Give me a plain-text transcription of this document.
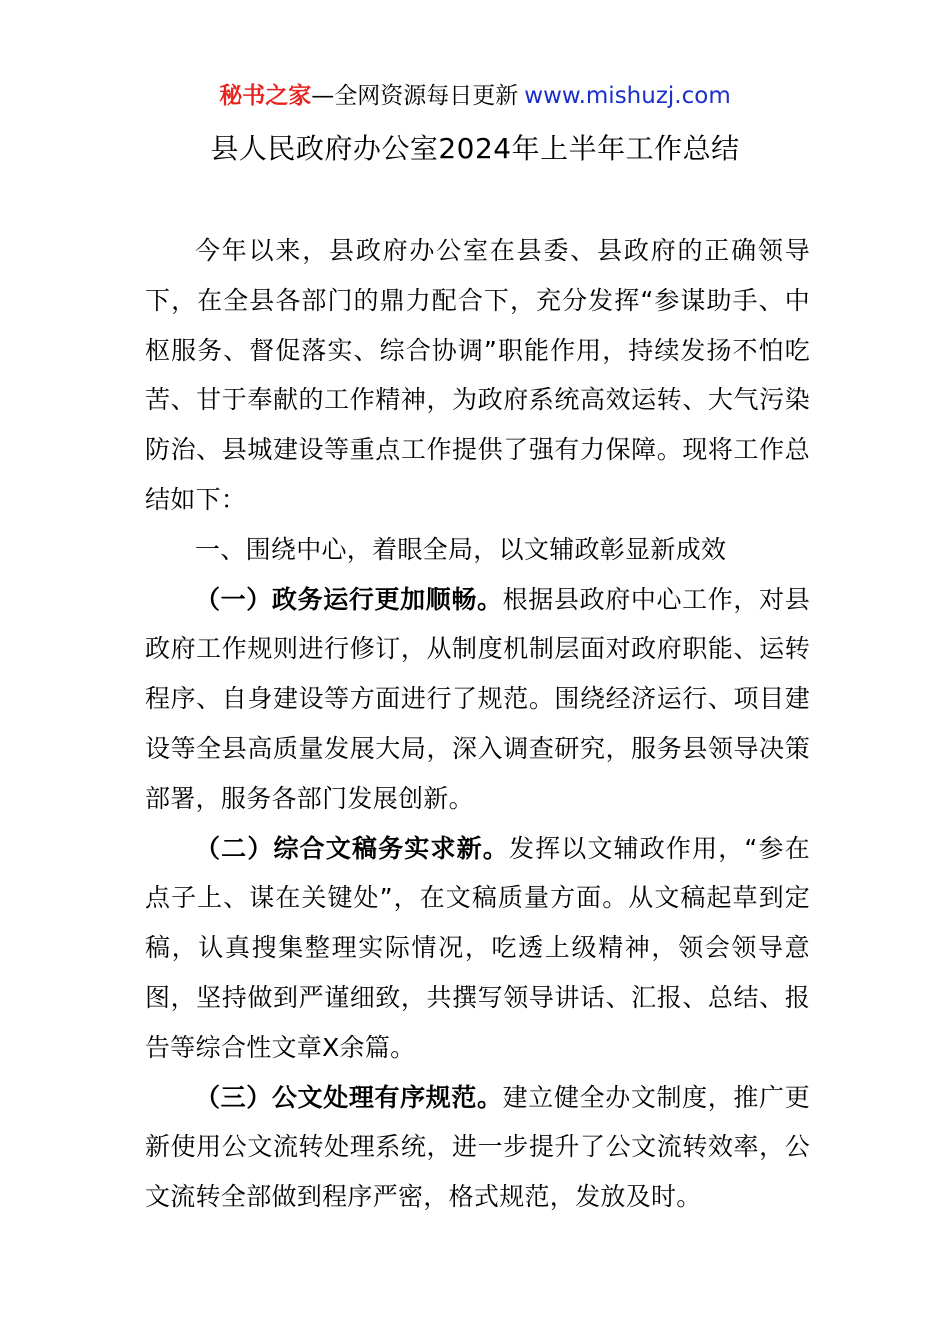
秘书之家—全网资源每日更新 www.mishuzj.com
县人民政府办公室2024年上半年工作总结

今年以来，县政府办公室在县委、县政府的正确领导下，在全县各部门的鼎力配合下，充分发挥“参谋助手、中枢服务、督促落实、综合协调”职能作用，持续发扬不怕吃苦、甘于奉献的工作精神，为政府系统高效运转、大气污染防治、县城建设等重点工作提供了强有力保障。现将工作总结如下：

一、围绕中心，着眼全局，以文辅政彰显新成效

（一）政务运行更加顺畅。根据县政府中心工作，对县政府工作规则进行修订，从制度机制层面对政府职能、运转程序、自身建设等方面进行了规范。围绕经济运行、项目建设等全县高质量发展大局，深入调查研究，服务县领导决策部署，服务各部门发展创新。

（二）综合文稿务实求新。发挥以文辅政作用，“参在点子上、谋在关键处”，在文稿质量方面。从文稿起草到定稿，认真搜集整理实际情况，吃透上级精神，领会领导意图，坚持做到严谨细致，共撰写领导讲话、汇报、总结、报告等综合性文章X余篇。

（三）公文处理有序规范。建立健全办文制度，推广更新使用公文流转处理系统，进一步提升了公文流转效率，公文流转全部做到程序严密，格式规范，发放及时。
